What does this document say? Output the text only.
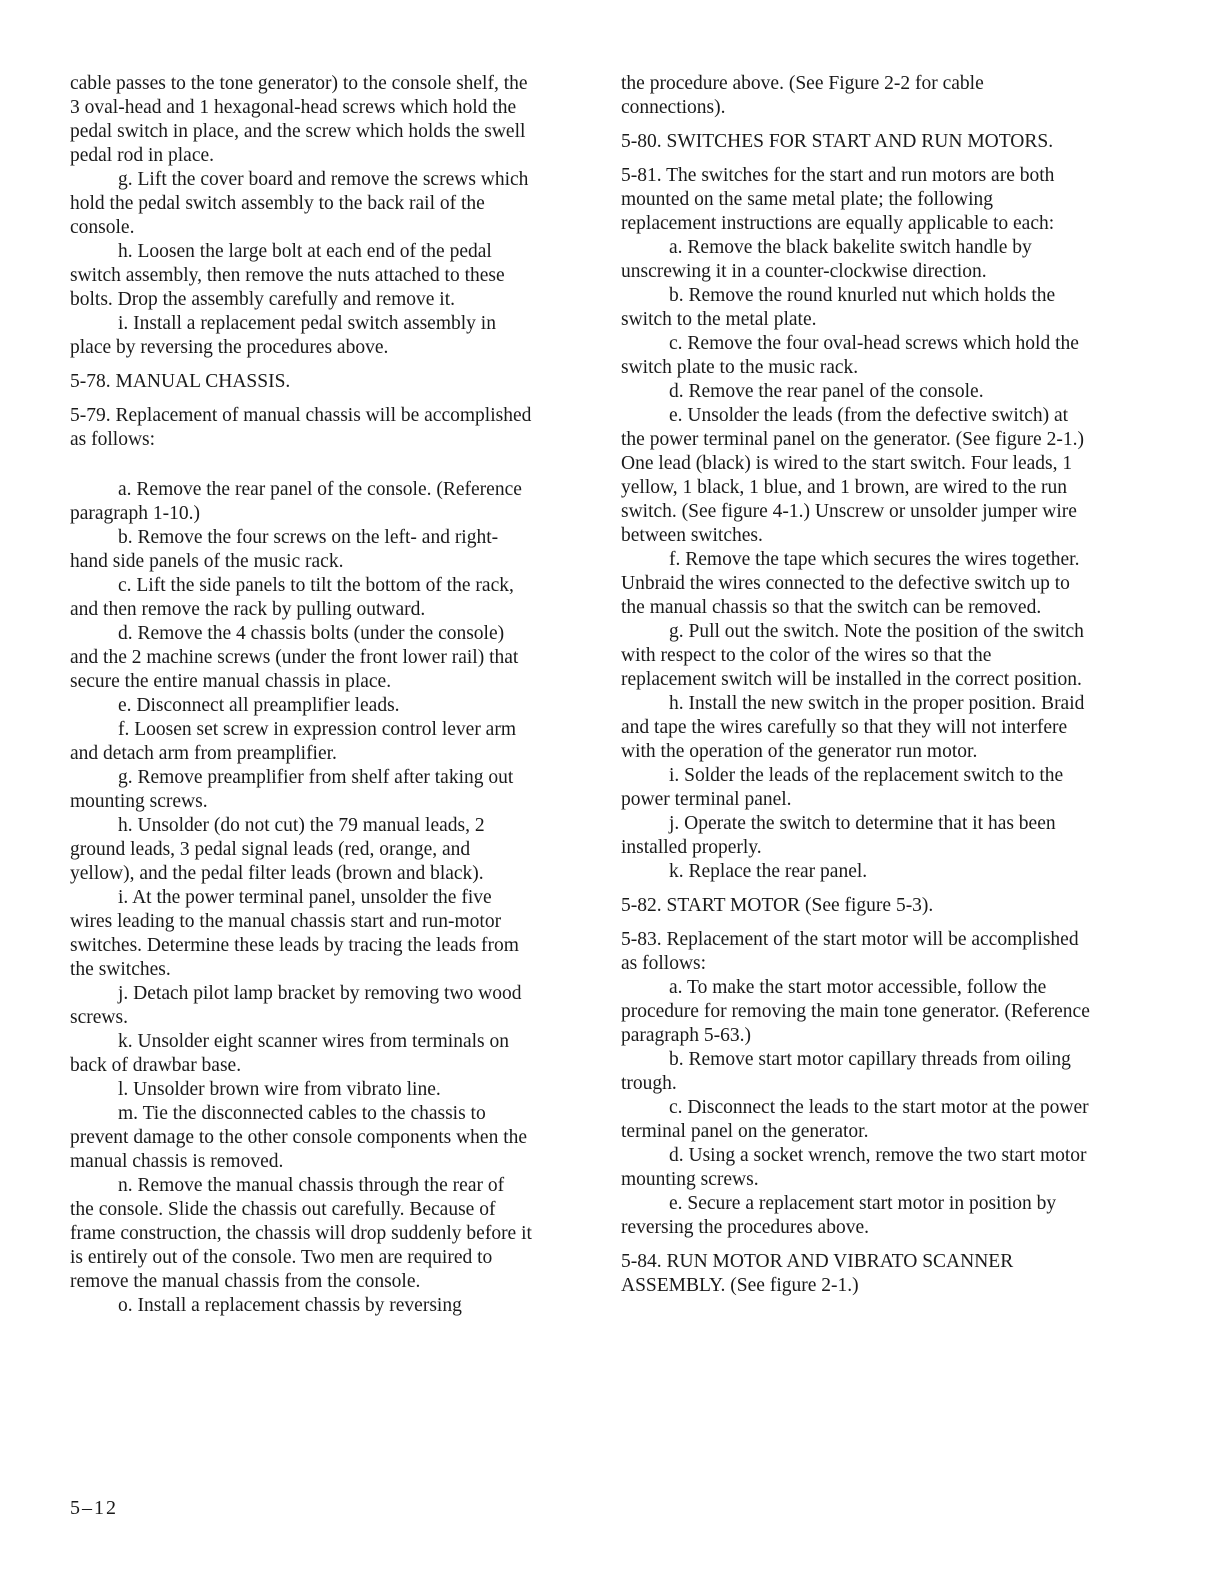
cable passes to the tone generator) to the console shelf, the 3 oval-head and 1 hexagonal-head screws which hold the pedal switch in place, and the screw which holds the swell pedal rod in place.

g. Lift the cover board and remove the screws which hold the pedal switch assembly to the back rail of the console.

h. Loosen the large bolt at each end of the pedal switch assembly, then remove the nuts attached to these bolts. Drop the assembly carefully and remove it.

i. Install a replacement pedal switch assembly in place by reversing the procedures above.

5-78. MANUAL CHASSIS.

5-79. Replacement of manual chassis will be accomplished as follows:

a. Remove the rear panel of the console. (Reference paragraph 1-10.)

b. Remove the four screws on the left- and right-hand side panels of the music rack.

c. Lift the side panels to tilt the bottom of the rack, and then remove the rack by pulling outward.

d. Remove the 4 chassis bolts (under the console) and the 2 machine screws (under the front lower rail) that secure the entire manual chassis in place.

e. Disconnect all preamplifier leads.

f. Loosen set screw in expression control lever arm and detach arm from preamplifier.

g. Remove preamplifier from shelf after taking out mounting screws.

h. Unsolder (do not cut) the 79 manual leads, 2 ground leads, 3 pedal signal leads (red, orange, and yellow), and the pedal filter leads (brown and black).

i. At the power terminal panel, unsolder the five wires leading to the manual chassis start and run-motor switches. Determine these leads by tracing the leads from the switches.

j. Detach pilot lamp bracket by removing two wood screws.

k. Unsolder eight scanner wires from terminals on back of drawbar base.

l. Unsolder brown wire from vibrato line.

m. Tie the disconnected cables to the chassis to prevent damage to the other console components when the manual chassis is removed.

n. Remove the manual chassis through the rear of the console. Slide the chassis out carefully. Because of frame construction, the chassis will drop suddenly before it is entirely out of the console. Two men are required to remove the manual chassis from the console.

o. Install a replacement chassis by reversing

the procedure above. (See Figure 2-2 for cable connections).

5-80. SWITCHES FOR START AND RUN MOTORS.

5-81. The switches for the start and run motors are both mounted on the same metal plate; the following replacement instructions are equally applicable to each:

a. Remove the black bakelite switch handle by unscrewing it in a counter-clockwise direction.

b. Remove the round knurled nut which holds the switch to the metal plate.

c. Remove the four oval-head screws which hold the switch plate to the music rack.

d. Remove the rear panel of the console.

e. Unsolder the leads (from the defective switch) at the power terminal panel on the generator. (See figure 2-1.) One lead (black) is wired to the start switch. Four leads, 1 yellow, 1 black, 1 blue, and 1 brown, are wired to the run switch. (See figure 4-1.) Unscrew or unsolder jumper wire between switches.

f. Remove the tape which secures the wires together. Unbraid the wires connected to the defective switch up to the manual chassis so that the switch can be removed.

g. Pull out the switch. Note the position of the switch with respect to the color of the wires so that the replacement switch will be installed in the correct position.

h. Install the new switch in the proper position. Braid and tape the wires carefully so that they will not interfere with the operation of the generator run motor.

i. Solder the leads of the replacement switch to the power terminal panel.

j. Operate the switch to determine that it has been installed properly.

k. Replace the rear panel.

5-82. START MOTOR (See figure 5-3).

5-83. Replacement of the start motor will be accomplished as follows:

a. To make the start motor accessible, follow the procedure for removing the main tone generator. (Reference paragraph 5-63.)

b. Remove start motor capillary threads from oiling trough.

c. Disconnect the leads to the start motor at the power terminal panel on the generator.

d. Using a socket wrench, remove the two start motor mounting screws.

e. Secure a replacement start motor in position by reversing the procedures above.

5-84. RUN MOTOR AND VIBRATO SCANNER ASSEMBLY. (See figure 2-1.)

5–12
